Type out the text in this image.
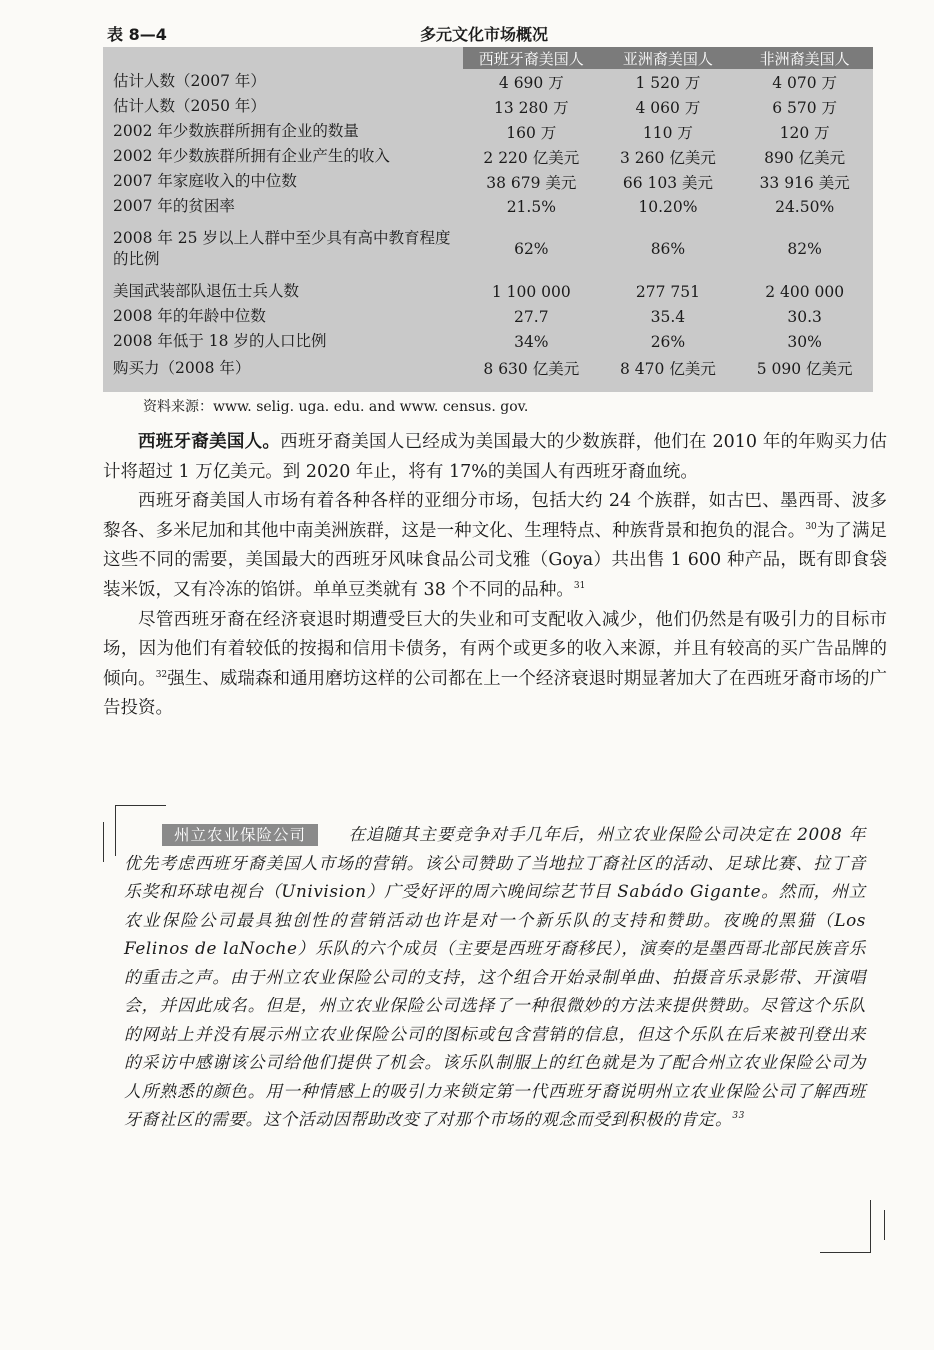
表 8—4	多元文化市场概况
	西班牙裔美国人	亚洲裔美国人	非洲裔美国人
估计人数（2007 年）	4 690 万	1 520 万	4 070 万
估计人数（2050 年）	13 280 万	4 060 万	6 570 万
2002 年少数族群所拥有企业的数量	160 万	110 万	120 万
2002 年少数族群所拥有企业产生的收入	2 220 亿美元	3 260 亿美元	890 亿美元
2007 年家庭收入的中位数	38 679 美元	66 103 美元	33 916 美元
2007 年的贫困率	21.5%	10.20%	24.50%
2008 年 25 岁以上人群中至少具有高中教育程度的比例	62%	86%	82%
美国武装部队退伍士兵人数	1 100 000	277 751	2 400 000
2008 年的年龄中位数	27.7	35.4	30.3
2008 年低于 18 岁的人口比例	34%	26%	30%
购买力（2008 年）	8 630 亿美元	8 470 亿美元	5 090 亿美元
资料来源：www. selig. uga. edu. and www. census. gov.

西班牙裔美国人。西班牙裔美国人已经成为美国最大的少数族群，他们在 2010 年的年购买力估计将超过 1 万亿美元。到 2020 年止，将有 17%的美国人有西班牙裔血统。

西班牙裔美国人市场有着各种各样的亚细分市场，包括大约 24 个族群，如古巴、墨西哥、波多黎各、多米尼加和其他中南美洲族群，这是一种文化、生理特点、种族背景和抱负的混合。$^{30}$为了满足这些不同的需要，美国最大的西班牙风味食品公司戈雅（Goya）共出售 1 600 种产品，既有即食袋装米饭，又有冷冻的馅饼。单单豆类就有 38 个不同的品种。$^{31}$

尽管西班牙裔在经济衰退时期遭受巨大的失业和可支配收入减少，他们仍然是有吸引力的目标市场，因为他们有着较低的按揭和信用卡债务，有两个或更多的收入来源，并且有较高的买广告品牌的倾向。$^{32}$强生、威瑞森和通用磨坊这样的公司都在上一个经济衰退时期显著加大了在西班牙裔市场的广告投资。

州立农业保险公司	在追随其主要竞争对手几年后，州立农业保险公司决定在 2008 年优先考虑西班牙裔美国人市场的营销。该公司赞助了当地拉丁裔社区的活动、足球比赛、拉丁音乐奖和环球电视台（Univision）广受好评的周六晚间综艺节目 Sabádo Gigante。然而，州立农业保险公司最具独创性的营销活动也许是对一个新乐队的支持和赞助。夜晚的黑猫（Los Felinos de laNoche）乐队的六个成员（主要是西班牙裔移民），演奏的是墨西哥北部民族音乐的重击之声。由于州立农业保险公司的支持，这个组合开始录制单曲、拍摄音乐录影带、开演唱会，并因此成名。但是，州立农业保险公司选择了一种很微妙的方法来提供赞助。尽管这个乐队的网站上并没有展示州立农业保险公司的图标或包含营销的信息，但这个乐队在后来被刊登出来的采访中感谢该公司给他们提供了机会。该乐队制服上的红色就是为了配合州立农业保险公司为人所熟悉的颜色。用一种情感上的吸引力来锁定第一代西班牙裔说明州立农业保险公司了解西班牙裔社区的需要。这个活动因帮助改变了对那个市场的观念而受到积极的肯定。$^{33}$
